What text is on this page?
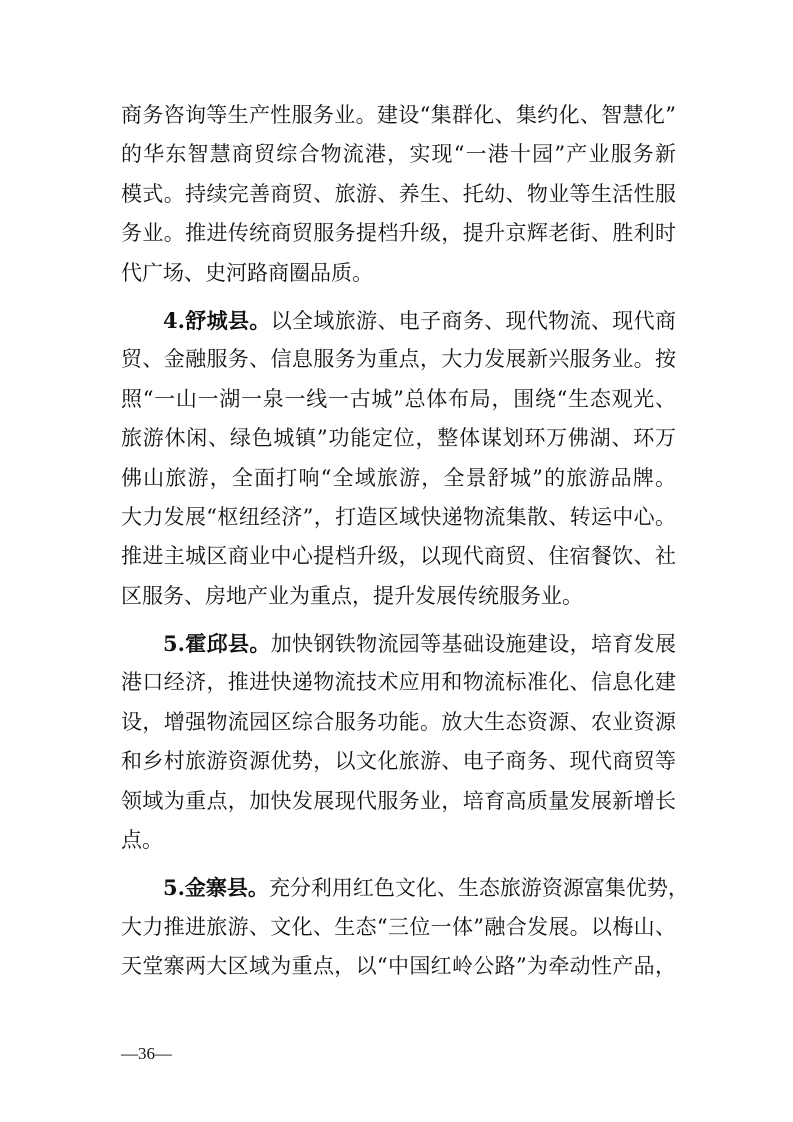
商务咨询等生产性服务业。建设“集群化、集约化、智慧化”
的华东智慧商贸综合物流港，实现“一港十园”产业服务新
模式。持续完善商贸、旅游、养生、托幼、物业等生活性服
务业。推进传统商贸服务提档升级，提升京辉老街、胜利时
代广场、史河路商圈品质。
4.舒城县。以全域旅游、电子商务、现代物流、现代商
贸、金融服务、信息服务为重点，大力发展新兴服务业。按
照“一山一湖一泉一线一古城”总体布局，围绕“生态观光、
旅游休闲、绿色城镇”功能定位，整体谋划环万佛湖、环万
佛山旅游，全面打响“全域旅游，全景舒城”的旅游品牌。
大力发展“枢纽经济”，打造区域快递物流集散、转运中心。
推进主城区商业中心提档升级，以现代商贸、住宿餐饮、社
区服务、房地产业为重点，提升发展传统服务业。
5.霍邱县。加快钢铁物流园等基础设施建设，培育发展
港口经济，推进快递物流技术应用和物流标准化、信息化建
设，增强物流园区综合服务功能。放大生态资源、农业资源
和乡村旅游资源优势，以文化旅游、电子商务、现代商贸等
领域为重点，加快发展现代服务业，培育高质量发展新增长
点。
5.金寨县。充分利用红色文化、生态旅游资源富集优势，
大力推进旅游、文化、生态“三位一体”融合发展。以梅山、
天堂寨两大区域为重点，以“中国红岭公路”为牵动性产品，
—36—
